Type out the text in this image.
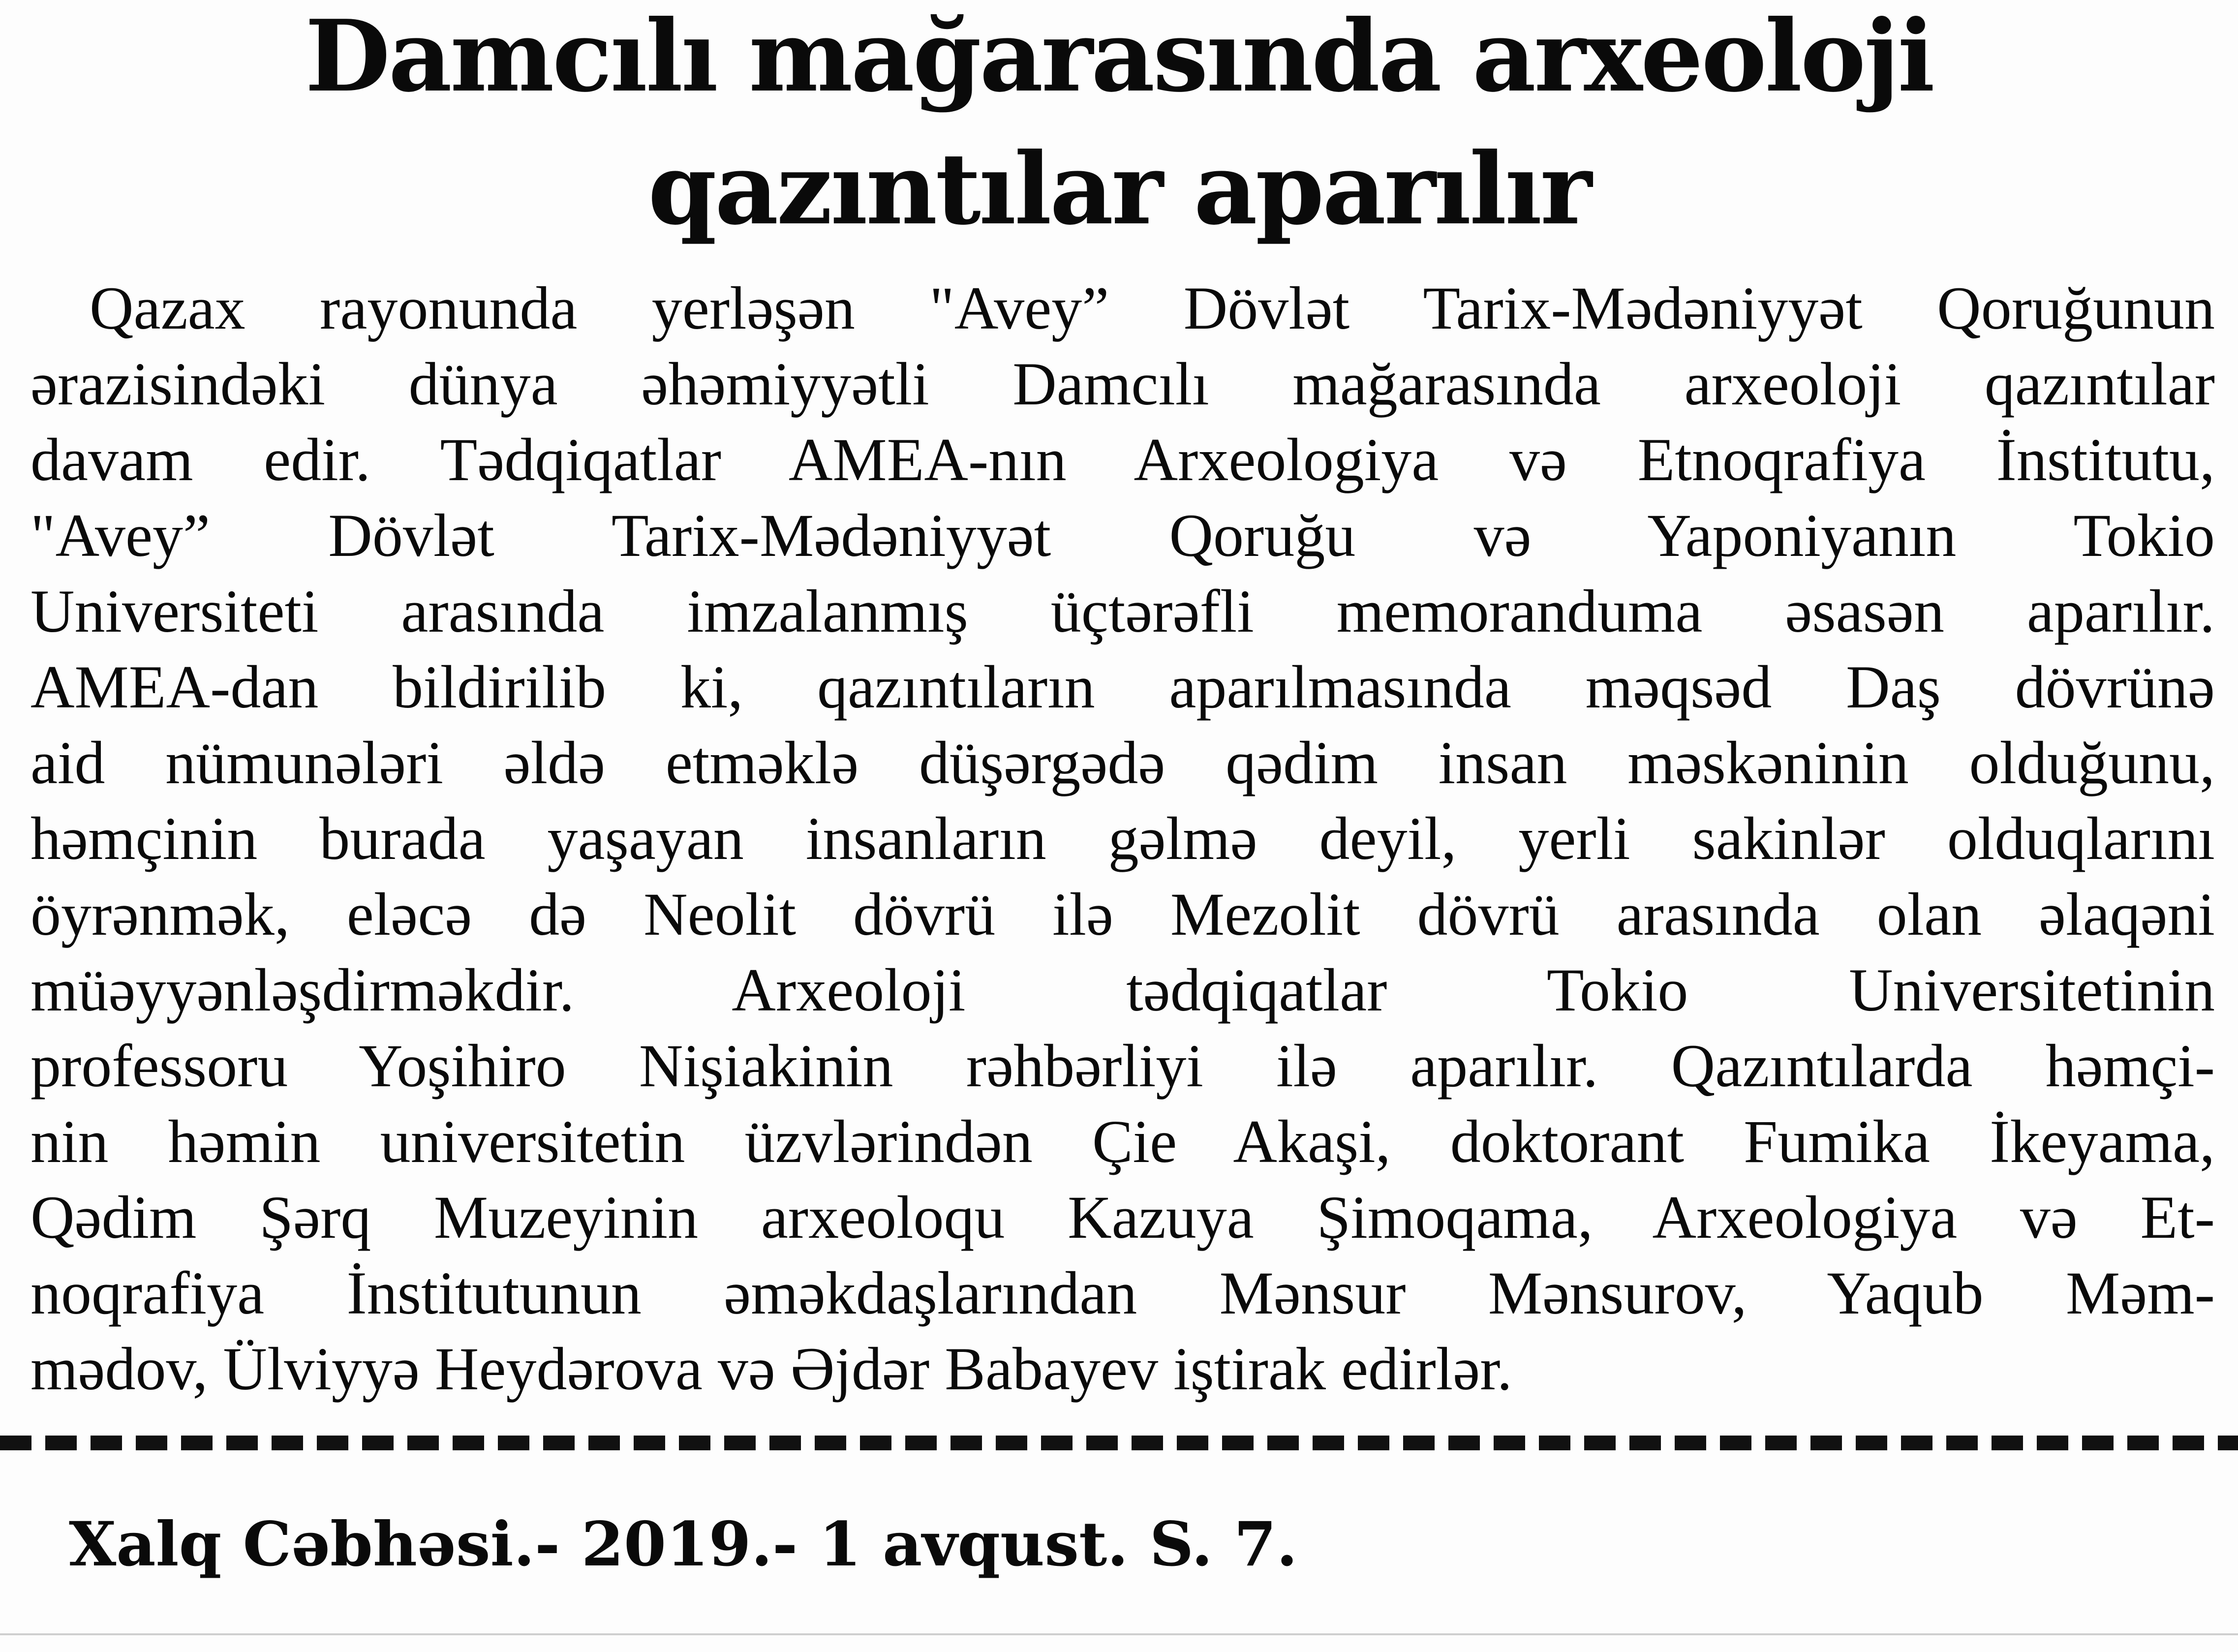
Damcılı mağarasında arxeoloji
qazıntılar aparılır
Qazax rayonunda yerləşən "Avey” Dövlət Tarix-Mədəniyyət Qoruğunun
ərazisindəki dünya əhəmiyyətli Damcılı mağarasında arxeoloji qazıntılar
davam edir. Tədqiqatlar AMEA-nın Arxeologiya və Etnoqrafiya İnstitutu,
"Avey” Dövlət Tarix-Mədəniyyət Qoruğu və Yaponiyanın Tokio
Universiteti arasında imzalanmış üçtərəfli memoranduma əsasən aparılır.
AMEA-dan bildirilib ki, qazıntıların aparılmasında məqsəd Daş dövrünə
aid nümunələri əldə etməklə düşərgədə qədim insan məskəninin olduğunu,
həmçinin burada yaşayan insanların gəlmə deyil, yerli sakinlər olduqlarını
öyrənmək, eləcə də Neolit dövrü ilə Mezolit dövrü arasında olan əlaqəni
müəyyənləşdirməkdir. Arxeoloji tədqiqatlar Tokio Universitetinin
professoru Yoşihiro Nişiakinin rəhbərliyi ilə aparılır. Qazıntılarda həmçi-
nin həmin universitetin üzvlərindən Çie Akaşi, doktorant Fumika İkeyama,
Qədim Şərq Muzeyinin arxeoloqu Kazuya Şimoqama, Arxeologiya və Et-
noqrafiya İnstitutunun əməkdaşlarından Mənsur Mənsurov, Yaqub Məm-
mədov, Ülviyyə Heydərova və Əjdər Babayev iştirak edirlər.
Xalq Cəbhəsi.- 2019.- 1 avqust. S. 7.
